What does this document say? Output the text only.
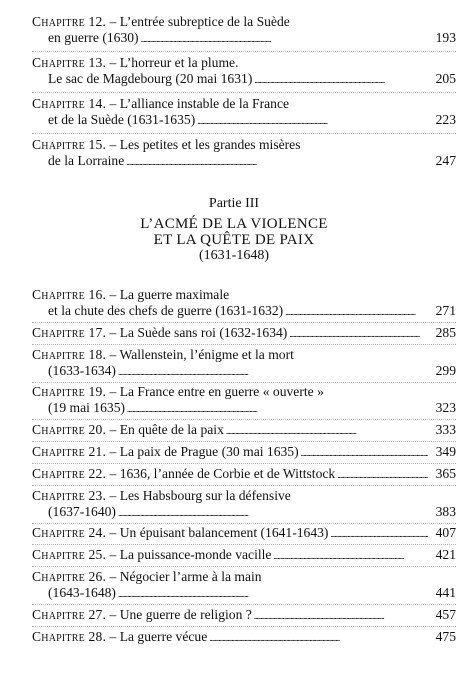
Chapitre 12.
– L’entrée subreptice de la Suède
en guerre (1630) . . .	193
Chapitre 13.
– L’horreur et la plume.
Le sac de Magdebourg (20 mai 1631) . . .	205
Chapitre 14.
– L’alliance instable de la France
et de la Suède (1631-1635) . . .	223
Chapitre 15.
– Les petites et les grandes misères
de la Lorraine . . .	247
Partie III
L’ACMÉ DE LA VIOLENCE
ET LA QUÊTE DE PAIX
(1631-1648)
Chapitre 16.
– La guerre maximale
et la chute des chefs de guerre (1631-1632) . . .	271
Chapitre 17.
– La Suède sans roi (1632-1634) . . .	285
Chapitre 18.
– Wallenstein, l’énigme et la mort
(1633-1634) . . .	299
Chapitre 19.
– La France entre en guerre « ouverte »
(19 mai 1635) . . .	323
Chapitre 20.
– En quête de la paix . . .	333
Chapitre 21.
– La paix de Prague (30 mai 1635) . . .	349
Chapitre 22.
– 1636, l’année de Corbie et de Wittstock . . .	365
Chapitre 23.
– Les Habsbourg sur la défensive
(1637-1640) . . .	383
Chapitre 24.
– Un épuisant balancement (1641-1643) . . .	407
Chapitre 25.
– La puissance-monde vacille . . .	421
Chapitre 26.
– Négocier l’arme à la main
(1643-1648) . . .	441
Chapitre 27.
– Une guerre de religion ? . . .	457
Chapitre 28.
– La guerre vécue . . .	475
